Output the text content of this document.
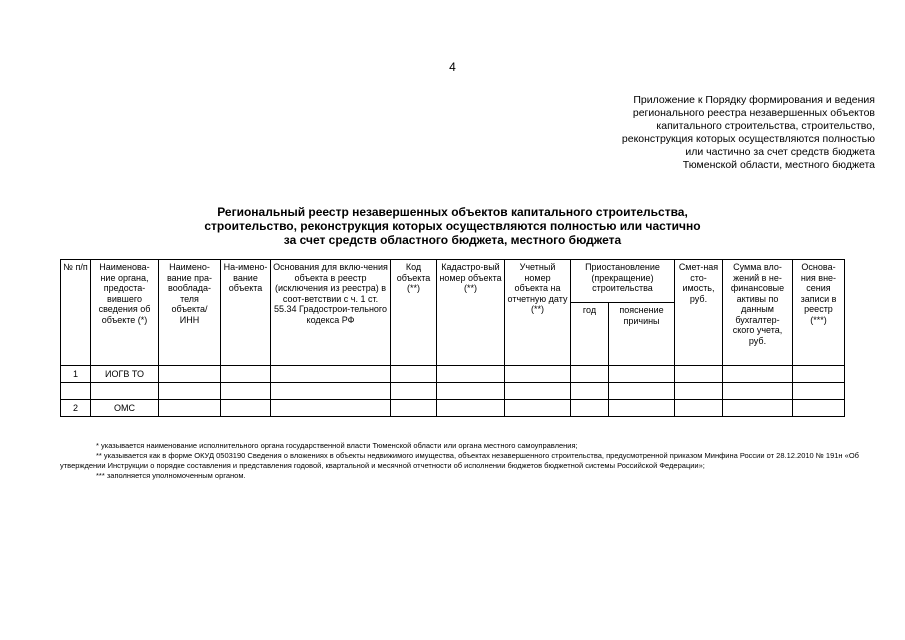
4
Приложение к Порядку формирования и ведения
регионального реестра незавершенных объектов
капитального строительства, строительство,
реконструкция которых осуществляются полностью
или частично за счет средств бюджета
Тюменской области, местного бюджета
Региональный реестр незавершенных объектов капитального строительства,
строительство, реконструкция которых осуществляются полностью или частично
за счет средств областного бюджета, местного бюджета
№ п/п	Наименова-ние органа, предоста-вившего сведения об объекте (*)	Наимено-вание пра-вооблада-теля объекта/ ИНН	На-имено-вание объекта	Основания для вклю-чения объекта в реестр (исключения из реестра) в соот-ветствии с ч. 1 ст. 55.34 Градострои-тельного кодекса РФ	Код объекта (**)	Кадастро-вый номер объекта (**)	Учетный номер объекта на отчетную дату (**)	Приостановление (прекращение) строительства		Смет-ная сто-имость, руб.	Сумма вло-жений в не-финансовые активы по данным бухгалтер-ского учета, руб.	Основа-ния вне-сения записи в реестр (***)
								год	пояснение причины			
1	ИОГВ ТО											

2	ОМС											
* указывается наименование исполнительного органа государственной власти Тюменской области или органа местного самоуправления;
** указывается как в форме ОКУД 0503190 Сведения о вложениях в объекты недвижимого имущества, объектах незавершенного строительства, предусмотренной приказом Минфина России от 28.12.2010 № 191н «Об утверждении Инструкции о порядке составления и представления годовой, квартальной и месячной отчетности об исполнении бюджетов бюджетной системы Российской Федерации»;
*** заполняется уполномоченным органом.
